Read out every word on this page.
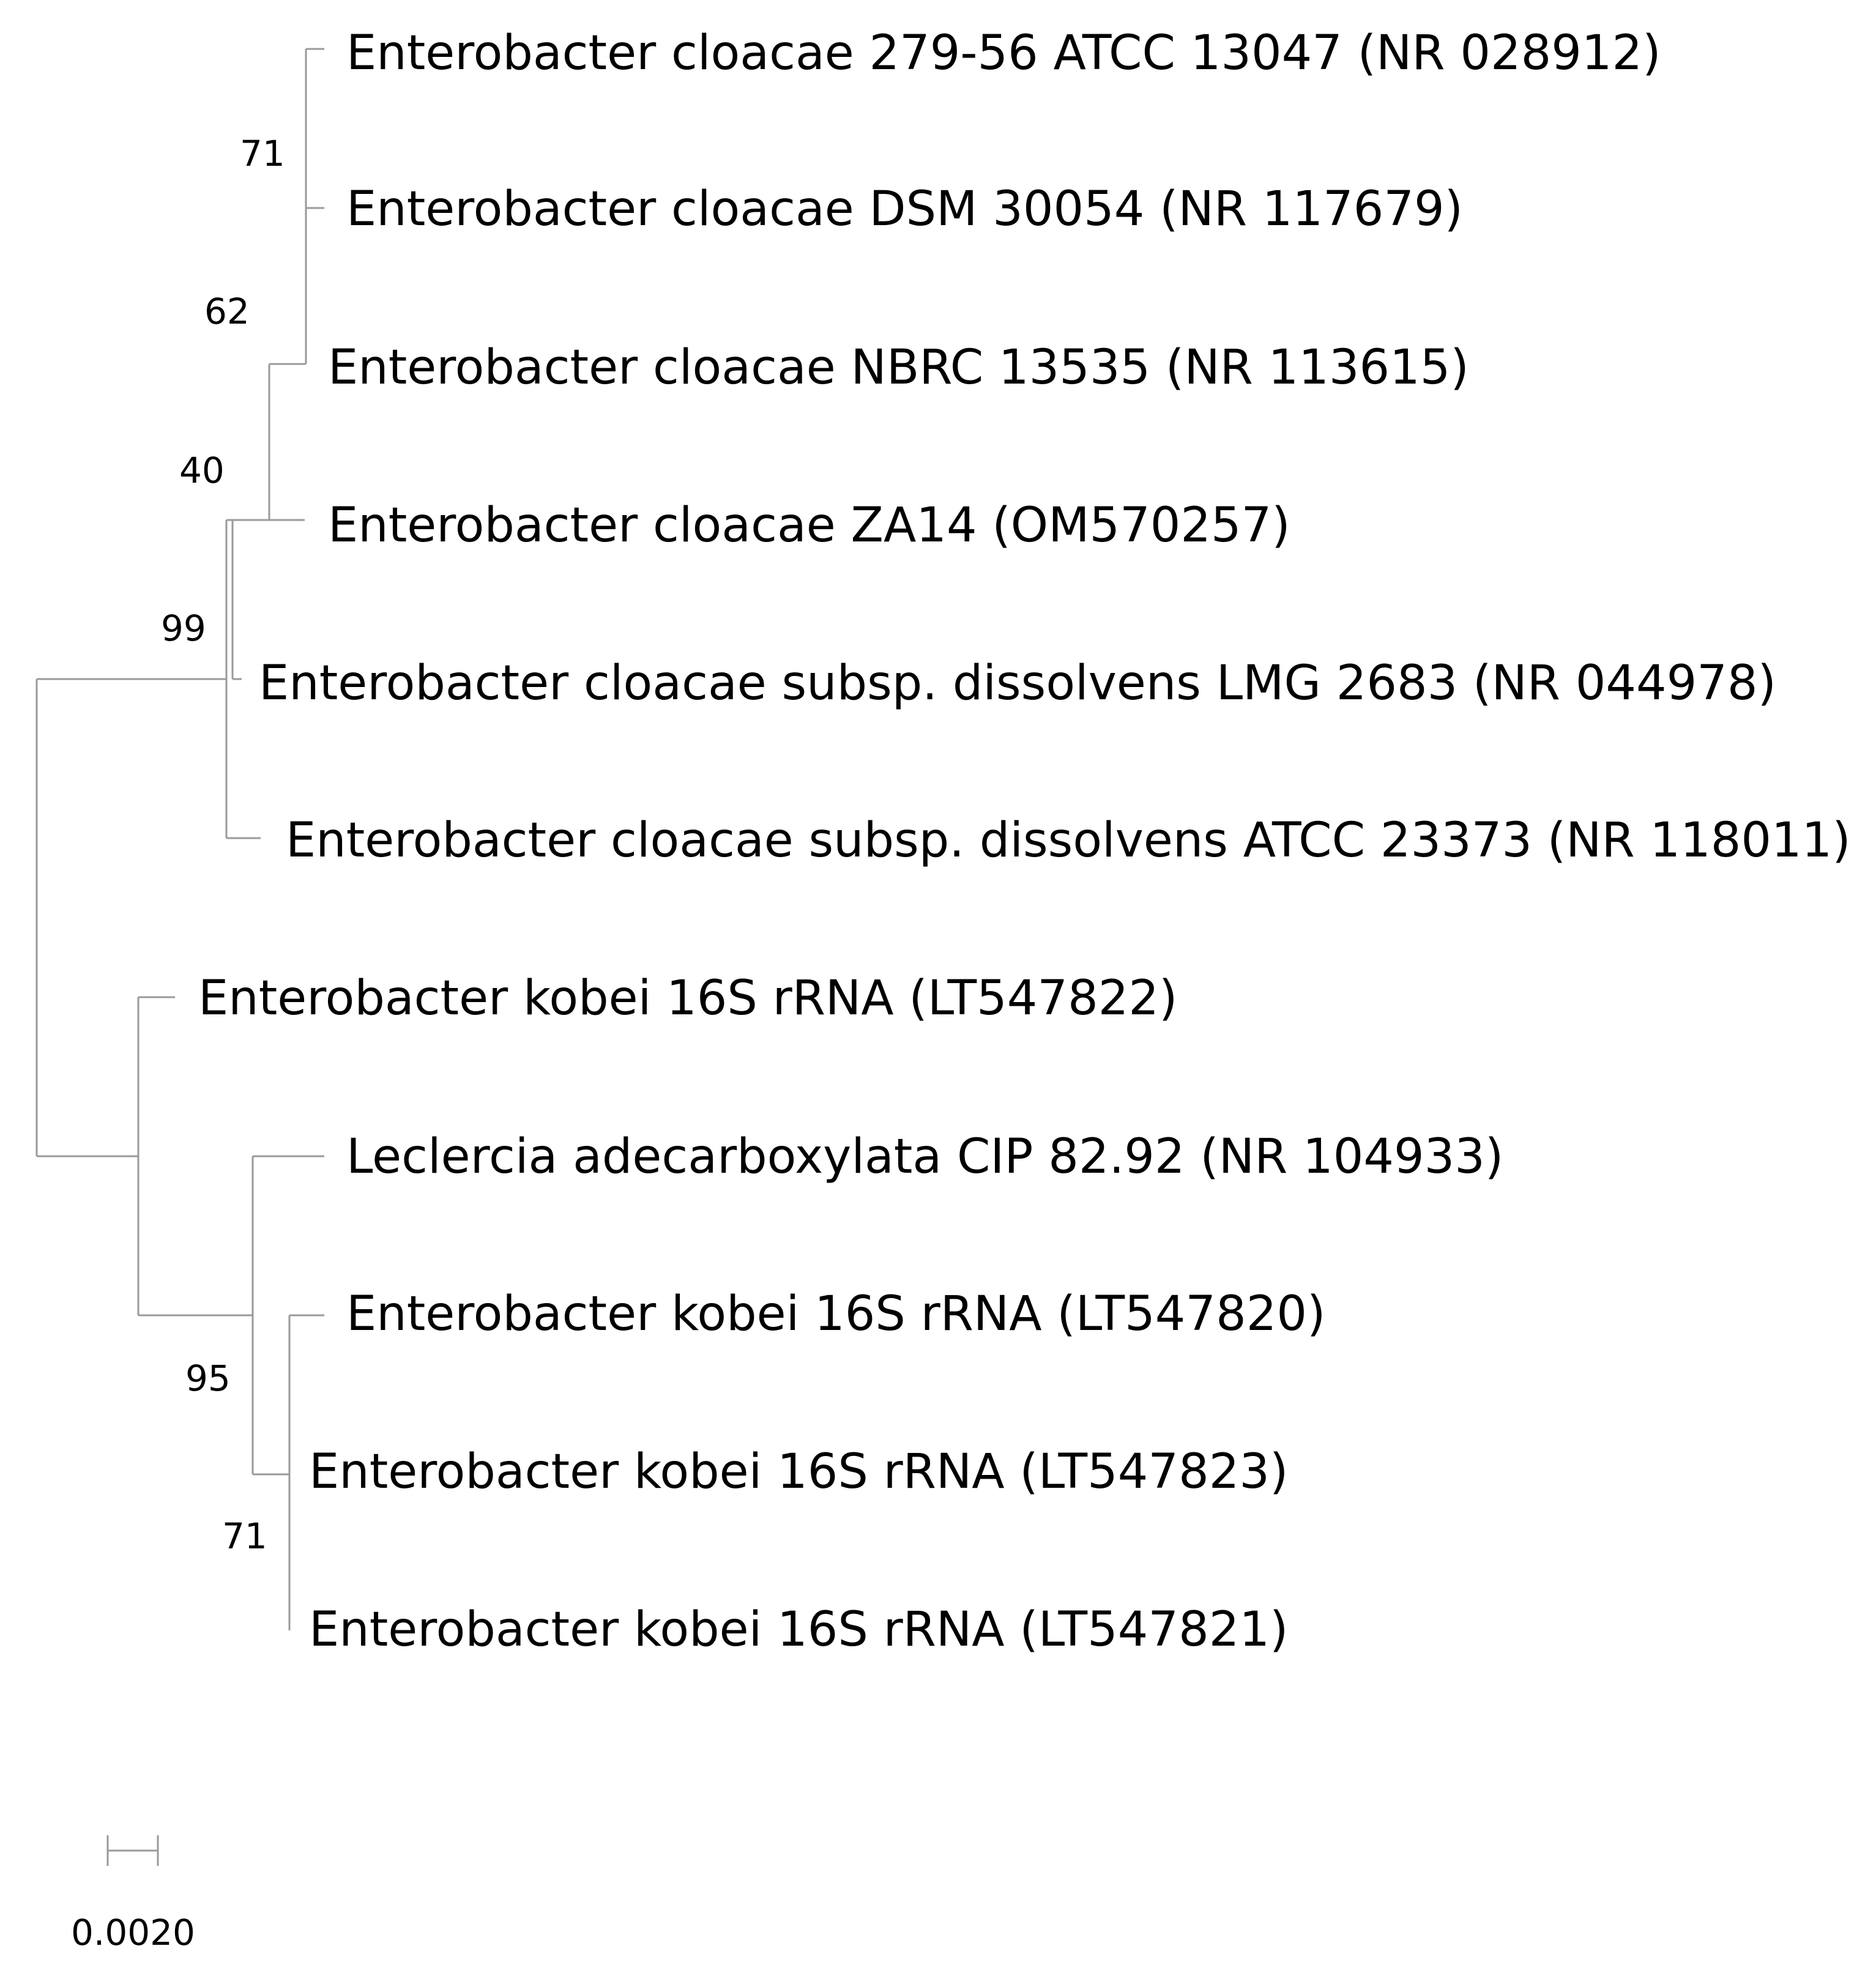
Enterobacter cloacae 279-56 ATCC 13047 (NR 028912)
Enterobacter cloacae DSM 30054 (NR 117679)
Enterobacter cloacae NBRC 13535 (NR 113615)
Enterobacter cloacae ZA14 (OM570257)
Enterobacter cloacae subsp. dissolvens LMG 2683 (NR 044978)
Enterobacter cloacae subsp. dissolvens ATCC 23373 (NR 118011)
Enterobacter kobei 16S rRNA (LT547822)
Leclercia adecarboxylata CIP 82.92 (NR 104933)
Enterobacter kobei 16S rRNA (LT547820)
Enterobacter kobei 16S rRNA (LT547823)
Enterobacter kobei 16S rRNA (LT547821)
71
62
40
99
95
71
0.0020
